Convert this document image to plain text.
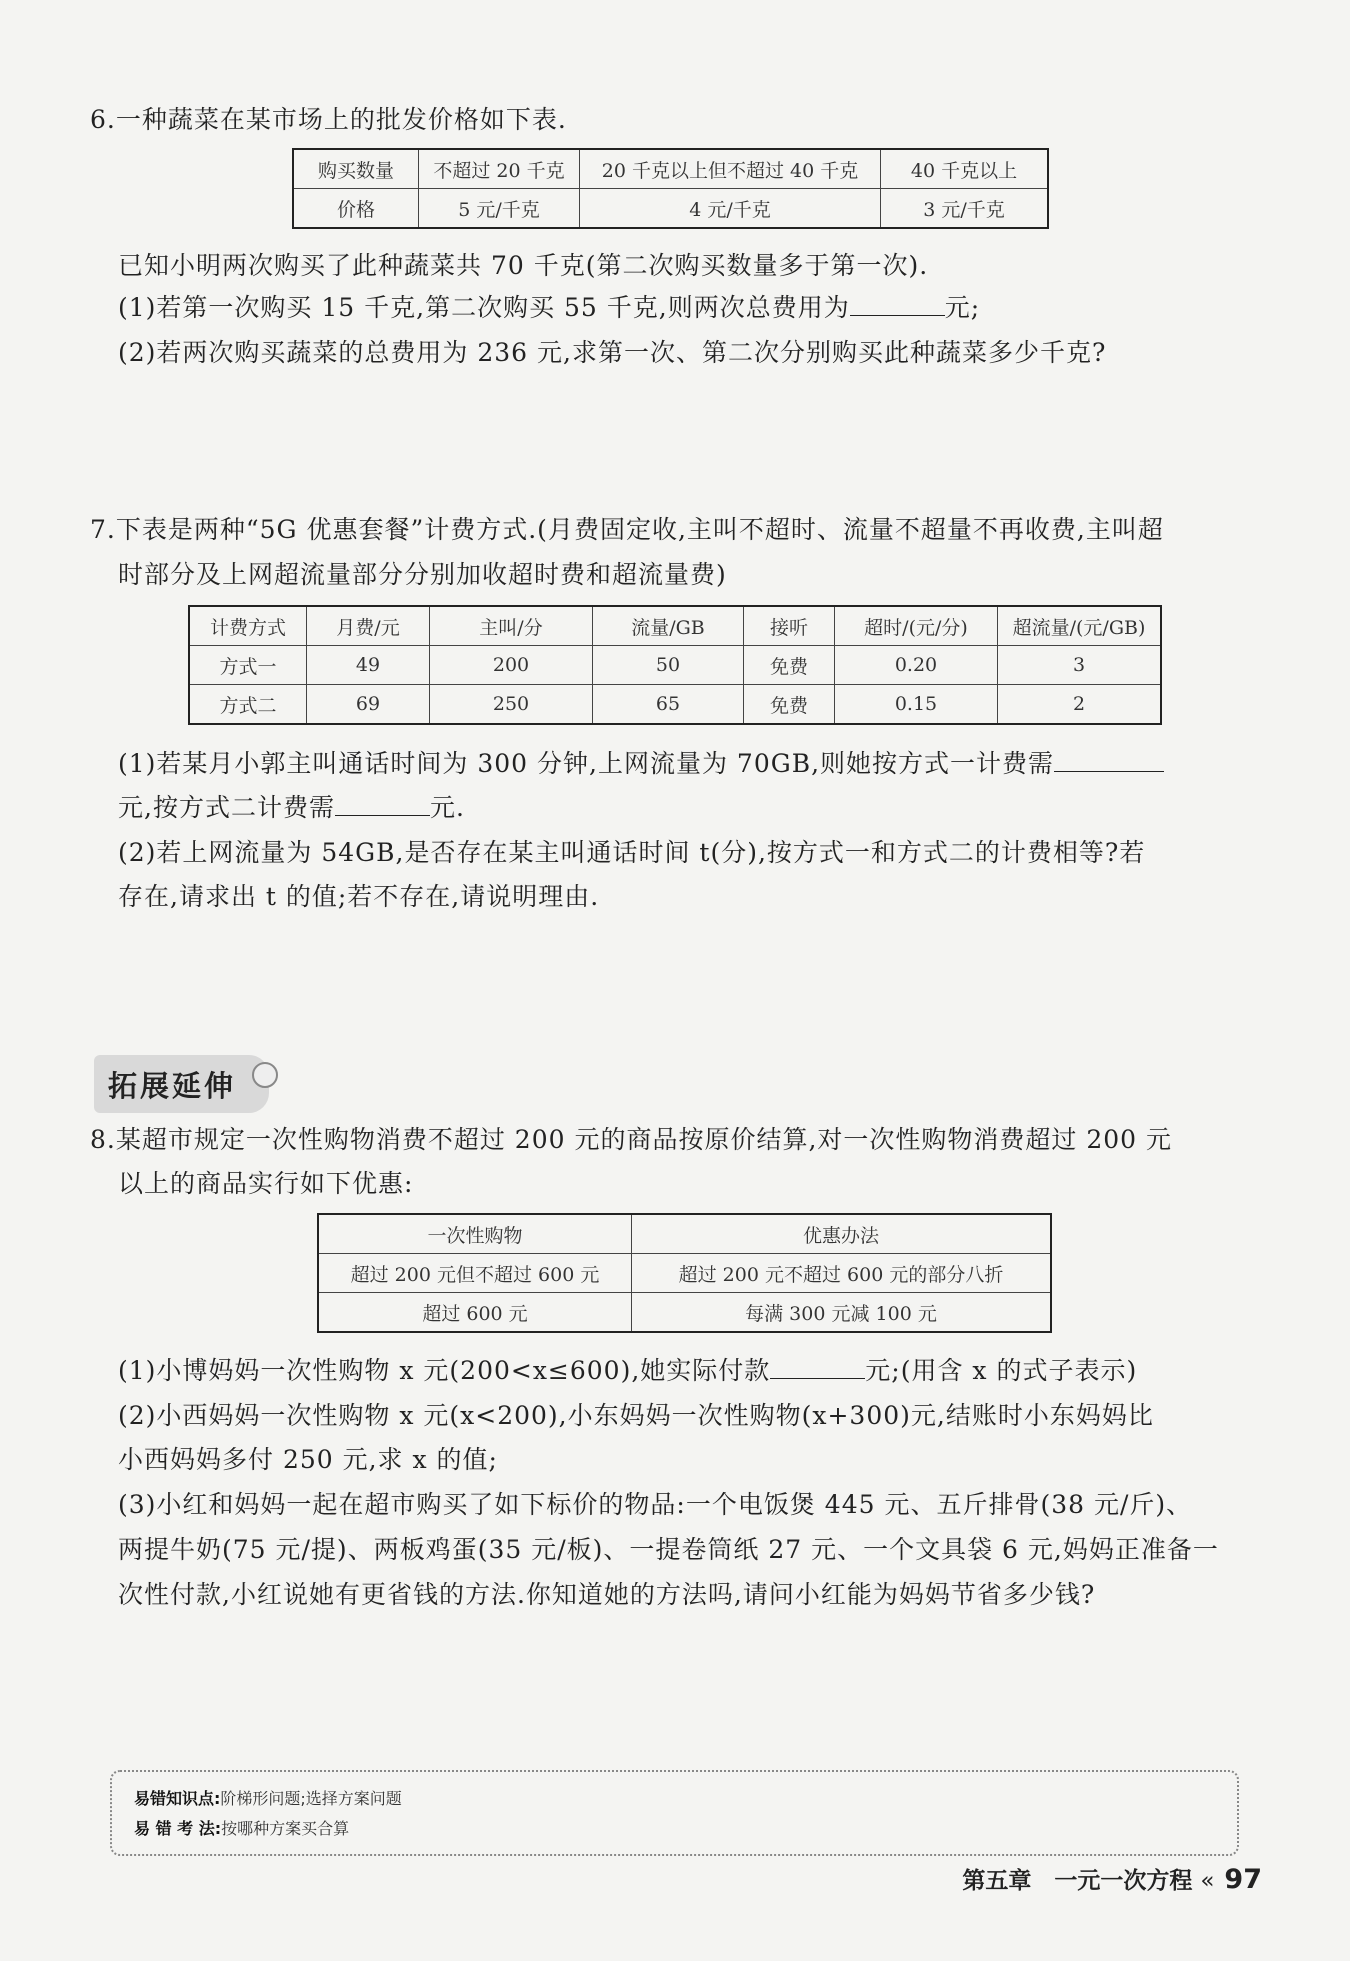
6.一种蔬菜在某市场上的批发价格如下表.
购买数量	不超过 20 千克	20 千克以上但不超过 40 千克	40 千克以上
价格	5 元/千克	4 元/千克	3 元/千克
已知小明两次购买了此种蔬菜共 70 千克(第二次购买数量多于第一次).
(1)若第一次购买 15 千克,第二次购买 55 千克,则两次总费用为	元;
(2)若两次购买蔬菜的总费用为 236 元,求第一次、第二次分别购买此种蔬菜多少千克?
7.下表是两种“5G 优惠套餐”计费方式.(月费固定收,主叫不超时、流量不超量不再收费,主叫超
时部分及上网超流量部分分别加收超时费和超流量费)
计费方式	月费/元	主叫/分	流量/GB	接听	超时/(元/分)	超流量/(元/GB)
方式一	49	200	50	免费	0.20	3
方式二	69	250	65	免费	0.15	2
(1)若某月小郭主叫通话时间为 300 分钟,上网流量为 70GB,则她按方式一计费需
元,按方式二计费需	元.
(2)若上网流量为 54GB,是否存在某主叫通话时间 t(分),按方式一和方式二的计费相等?若
存在,请求出 t 的值;若不存在,请说明理由.
拓展延伸
8.某超市规定一次性购物消费不超过 200 元的商品按原价结算,对一次性购物消费超过 200 元
以上的商品实行如下优惠:
一次性购物	优惠办法
超过 200 元但不超过 600 元	超过 200 元不超过 600 元的部分八折
超过 600 元	每满 300 元减 100 元
(1)小博妈妈一次性购物 x 元(200<x≤600),她实际付款	元;(用含 x 的式子表示)
(2)小西妈妈一次性购物 x 元(x<200),小东妈妈一次性购物(x+300)元,结账时小东妈妈比
小西妈妈多付 250 元,求 x 的值;
(3)小红和妈妈一起在超市购买了如下标价的物品:一个电饭煲 445 元、五斤排骨(38 元/斤)、
两提牛奶(75 元/提)、两板鸡蛋(35 元/板)、一提卷筒纸 27 元、一个文具袋 6 元,妈妈正准备一
次性付款,小红说她有更省钱的方法.你知道她的方法吗,请问小红能为妈妈节省多少钱?
易错知识点:阶梯形问题;选择方案问题
易 错 考 法:按哪种方案买合算
第五章　一元一次方程 « 97
